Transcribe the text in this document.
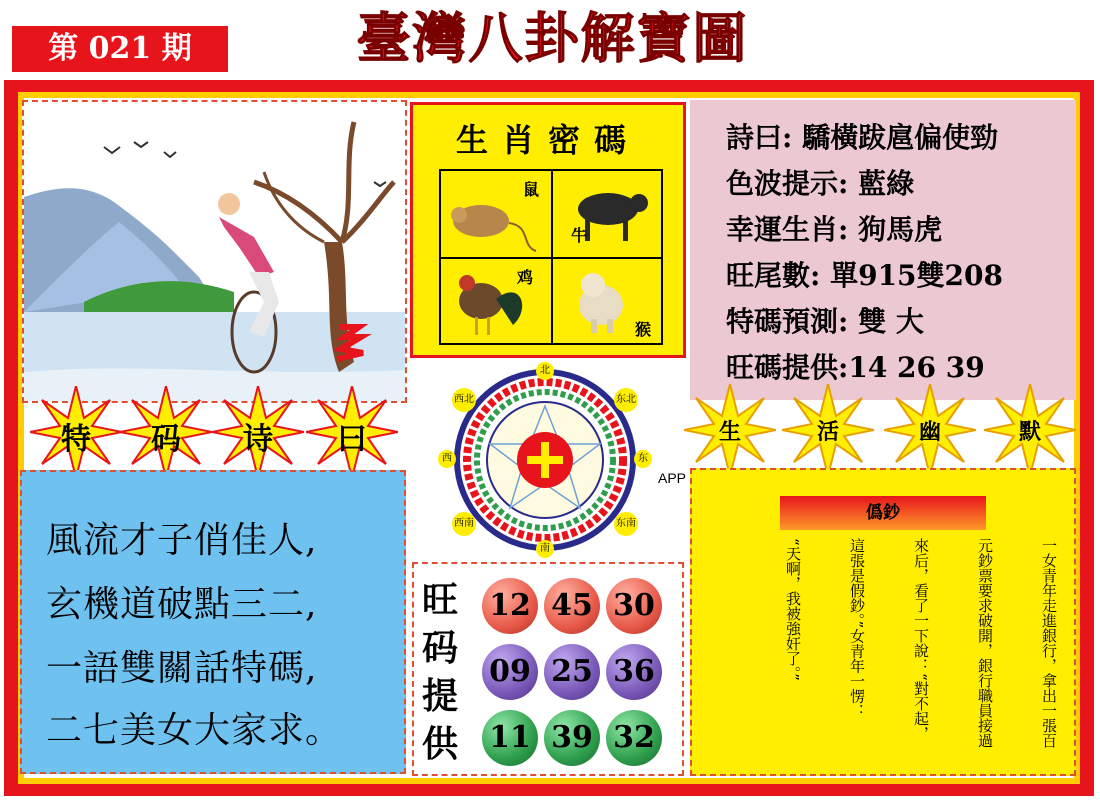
第 021 期	臺灣八卦解寶圖
生肖密碼
鼠
牛
鸡
猴
詩曰: 驕橫跋扈偏使勁
色波提示: 藍綠
幸運生肖: 狗馬虎
旺尾數: 單915雙208
特碼預測: 雙 大
旺碼提供:14 26 39
特	码	诗	曰	生	活	幽	默
西北	东北
西南	东南
北
南
西	东
APP
風流才子俏佳人,
玄機道破點三二,
一語雙關話特碼,
二七美女大家求。
旺码提供
12 45 30
09 25 36
11 39 32
僞鈔
一女青年走進銀行，拿出一張百
元鈔票要求破開，銀行職員接過
來后，看了一下說：“對不起，
這張是假鈔。”女青年一愣：
“天啊，我被強奸了。”
